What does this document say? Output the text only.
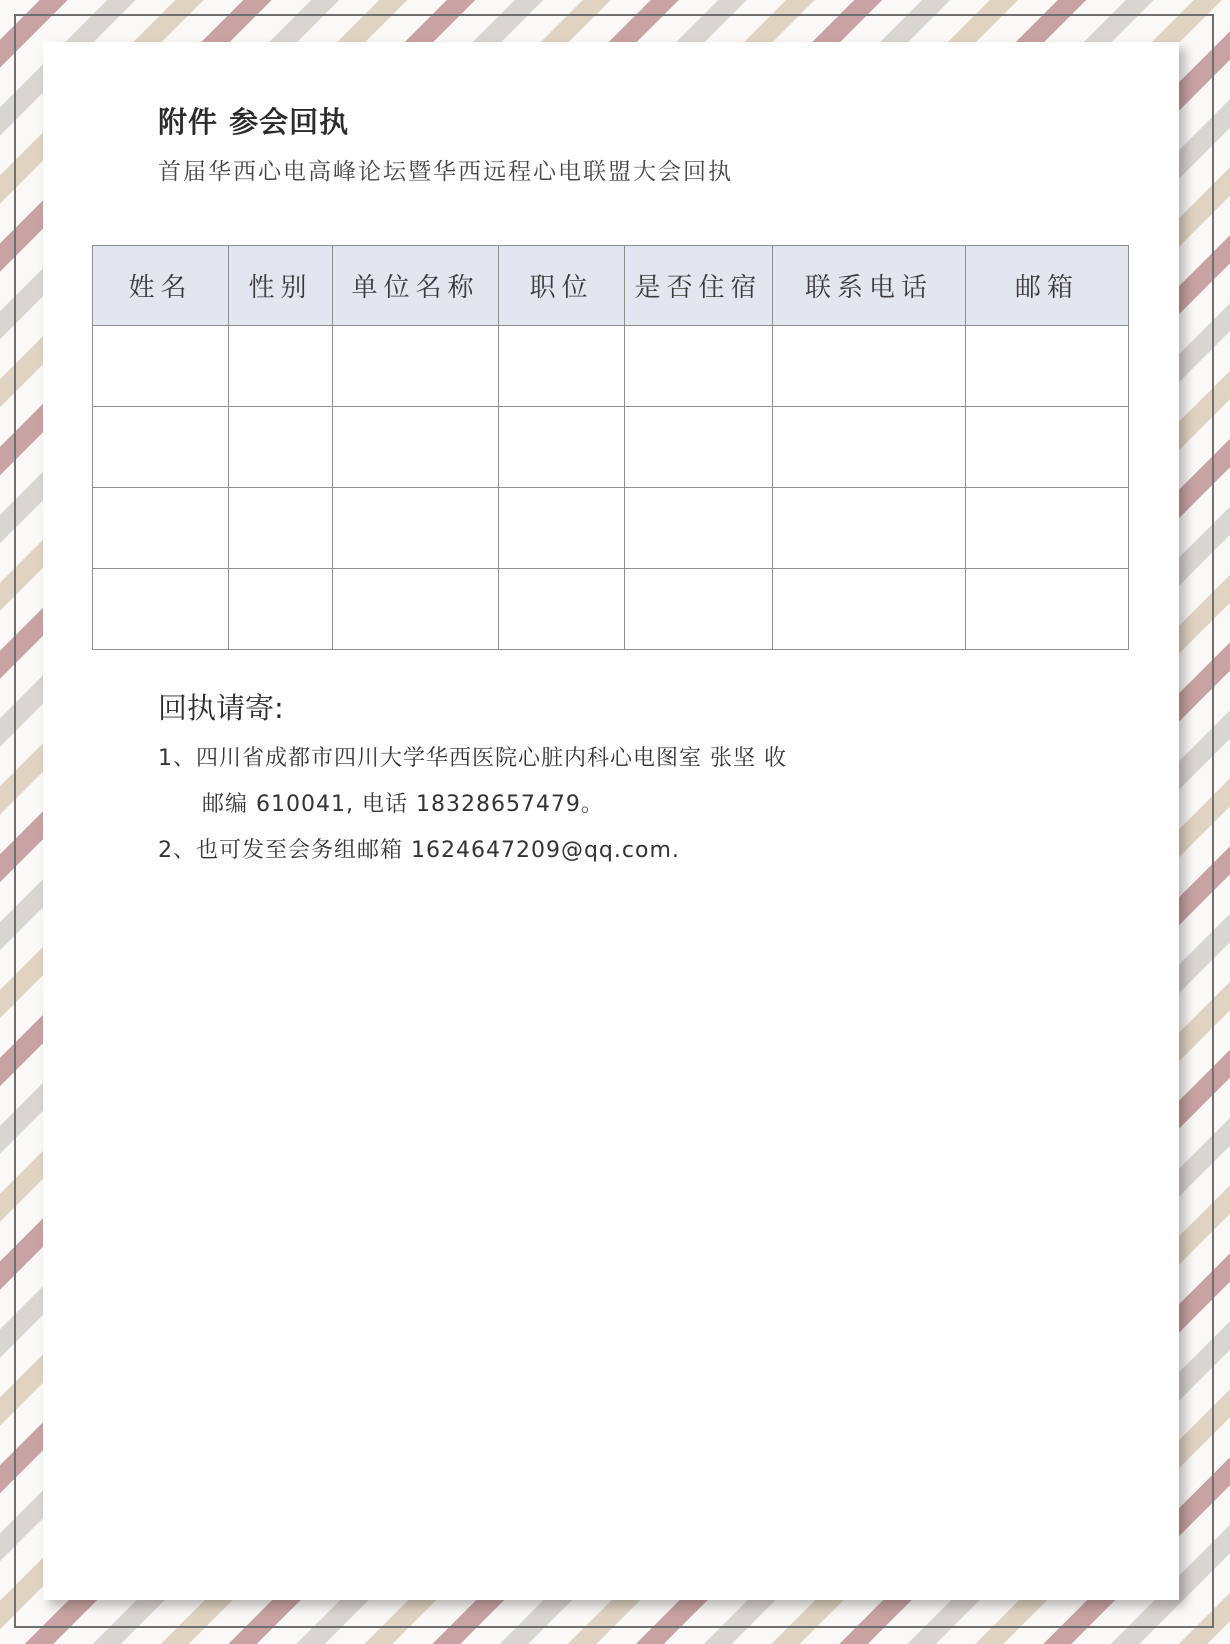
附件 参会回执
首届华西心电高峰论坛暨华西远程心电联盟大会回执
姓名	性别	单位名称	职位	是否住宿	联系电话	邮箱

回执请寄:
1、四川省成都市四川大学华西医院心脏内科心电图室 张坚 收
邮编 610041, 电话 18328657479。
2、也可发至会务组邮箱 1624647209@qq.com.
